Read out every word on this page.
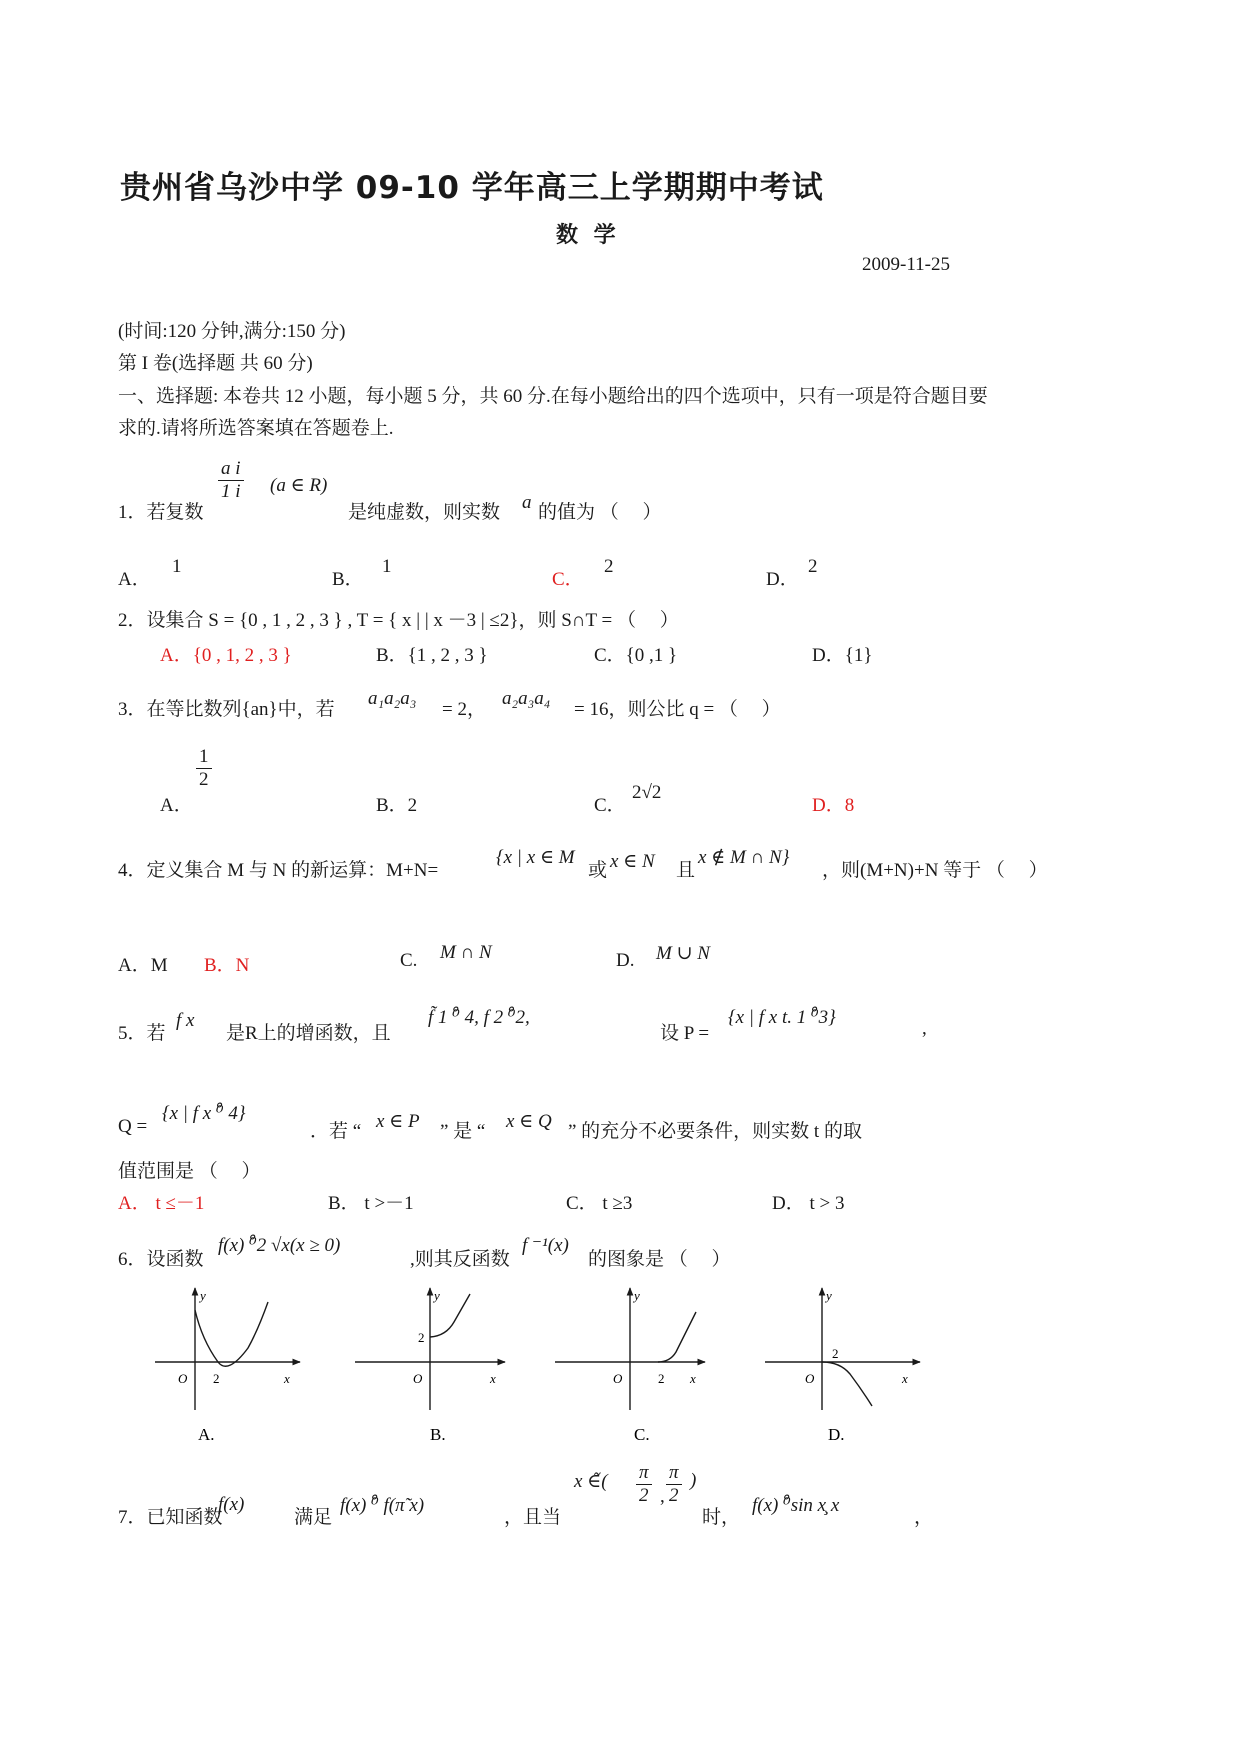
贵州省乌沙中学 09-10 学年高三上学期期中考试
数 学
2009-11-25
(时间:120 分钟,满分:150 分)
第 I 卷(选择题 共 60 分)
一、选择题: 本卷共 12 小题，每小题 5 分，共 60 分.在每小题给出的四个选项中，只有一项是符合题目要
求的.请将所选答案填在答题卷上.
1．若复数
$\frac{\text{a i}}{1 i} (a$ ∈ R)
是纯虚数，则实数 a 的值为 （　 ）
A．
1
B．
1
C．
2
D．
2
2．设集合 S = {0 , 1 , 2 , 3 } , T = { x | | x －3 | ≤2}，则 S∩T = （　 ）
A．{0 , 1, 2 , 3 }	B．{1 , 2 , 3 }	C．{0 ,1 }	D．{1}
3．在等比数列{an}中，若
a₁a₂a₃
= 2，
a₂a₃a₄
= 16，则公比 q = （　 ）
A．
$\frac{1}{2}$
B．2	C．
2√2
D．8
4．定义集合 M 与 N 的新运算：M+N=
{x | x ∈ M
或 x ∈ N 且
x ∉ M ∩ N}
，则(M+N)+N 等于 （　 ）
A．M B．N	C. M ∩ N	D. M ∪ N
5．若
f x
是R上的增函数，且
f̃ 1 ⁰̊ 4, f 2 ⁰̊2,
设 P =
{x | f x t. 1 ⁰̊3}
,
Q =
{x | f x ⁰̊ 4}
．若 “ x ∈ P ” 是 “ x ∈ Q ” 的充分不必要条件，则实数 t 的取
值范围是 （　 ）
A． t ≤－1	B． t >－1	C． t ≥3	D． t > 3
6．设函数
f(x) ⁰̊2 √x(x ≥ 0)
,则其反函数
f ⁻¹(x)
的图象是 （　 ）
y
x
O 2
A.
y
x
O
2
B.
y
x
O	2
C.
y
x
O
2
D.
7．已知函数
f(x)
满足
f(x) ⁰̊ f(π̃ x)
，且当
x ∈̃( $\frac{\pi}{2}$ , $\frac{\pi}{2}$ )
时，
f(x) ⁰̊sin x̧ x
，
